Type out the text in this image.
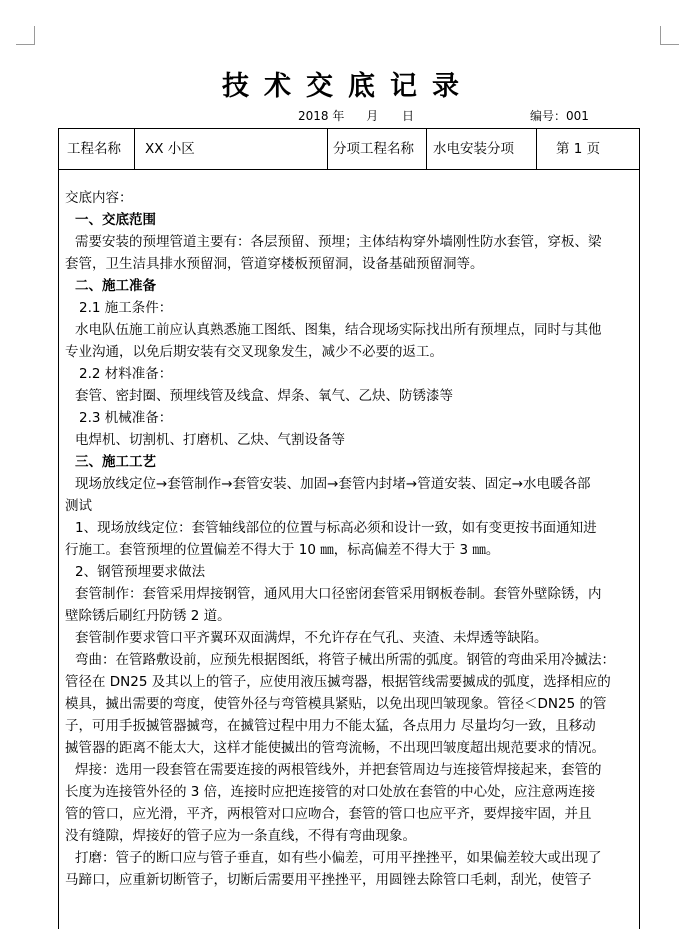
技术交底记录
2018 年 月 日	编号：001
工程名称 XX 小区	分项工程名称 水电安装分项	第 1 页
交底内容：
一、交底范围
需要安装的预埋管道主要有：各层预留、预埋；主体结构穿外墙刚性防水套管，穿板、梁
套管，卫生洁具排水预留洞，管道穿楼板预留洞，设备基础预留洞等。
二、施工准备
2.1 施工条件：
水电队伍施工前应认真熟悉施工图纸、图集，结合现场实际找出所有预埋点，同时与其他
专业沟通，以免后期安装有交叉现象发生，减少不必要的返工。
2.2 材料准备：
套管、密封圈、预埋线管及线盒、焊条、氧气、乙炔、防锈漆等
2.3 机械准备：
电焊机、切割机、打磨机、乙炔、气割设备等
三、施工工艺
现场放线定位→套管制作→套管安装、加固→套管内封堵→管道安装、固定→水电暖各部
测试
1、现场放线定位：套管轴线部位的位置与标高必须和设计一致，如有变更按书面通知进
行施工。套管预埋的位置偏差不得大于 10 ㎜，标高偏差不得大于 3 ㎜。
2、钢管预埋要求做法
套管制作：套管采用焊接钢管，通风用大口径密闭套管采用钢板卷制。套管外壁除锈，内
壁除锈后刷红丹防锈 2 道。
套管制作要求管口平齐翼环双面满焊，不允许存在气孔、夹渣、未焊透等缺陷。
弯曲：在管路敷设前，应预先根据图纸，将管子械出所需的弧度。钢管的弯曲采用冷揻法：
管径在 DN25 及其以上的管子，应使用液压揻弯器，根据管线需要揻成的弧度，选择相应的
模具，揻出需要的弯度，使管外径与弯管模具紧贴，以免出现凹皱现象。管径＜DN25 的管
子，可用手扳揻管器揻弯，在揻管过程中用力不能太猛，各点用力 尽量均匀一致，且移动
揻管器的距离不能太大，这样才能使揻出的管弯流畅，不出现凹皱度超出规范要求的情况。
焊接：选用一段套管在需要连接的两根管线外，并把套管周边与连接管焊接起来，套管的
长度为连接管外径的 3 倍，连接时应把连接管的对口处放在套管的中心处，应注意两连接
管的管口，应光滑，平齐，两根管对口应吻合，套管的管口也应平齐，要焊接牢固，并且
没有缝隙，焊接好的管子应为一条直线，不得有弯曲现象。
打磨：管子的断口应与管子垂直，如有些小偏差，可用平挫挫平，如果偏差较大或出现了
马蹄口，应重新切断管子，切断后需要用平挫挫平，用圆锉去除管口毛刺，刮光，使管子
